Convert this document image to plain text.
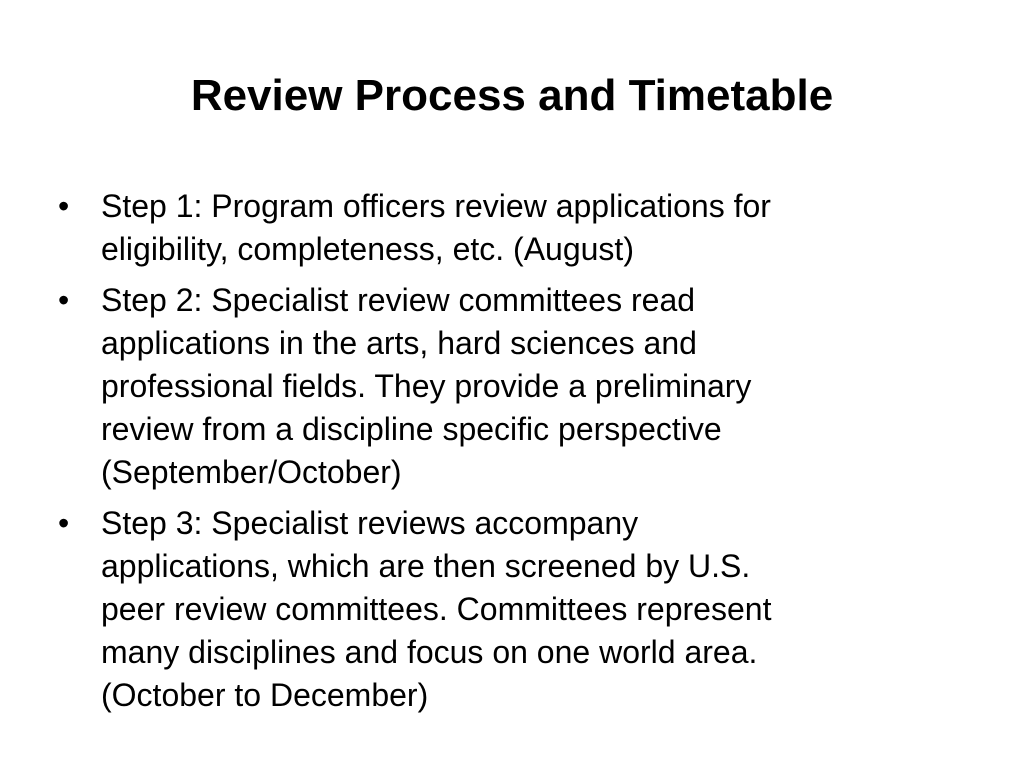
Review Process and Timetable
• Step 1: Program officers review applications for
eligibility, completeness, etc. (August)
• Step 2: Specialist review committees read
applications in the arts, hard sciences and
professional fields. They provide a preliminary
review from a discipline specific perspective
(September/October)
• Step 3: Specialist reviews accompany
applications, which are then screened by U.S.
peer review committees. Committees represent
many disciplines and focus on one world area.
(October to December)
